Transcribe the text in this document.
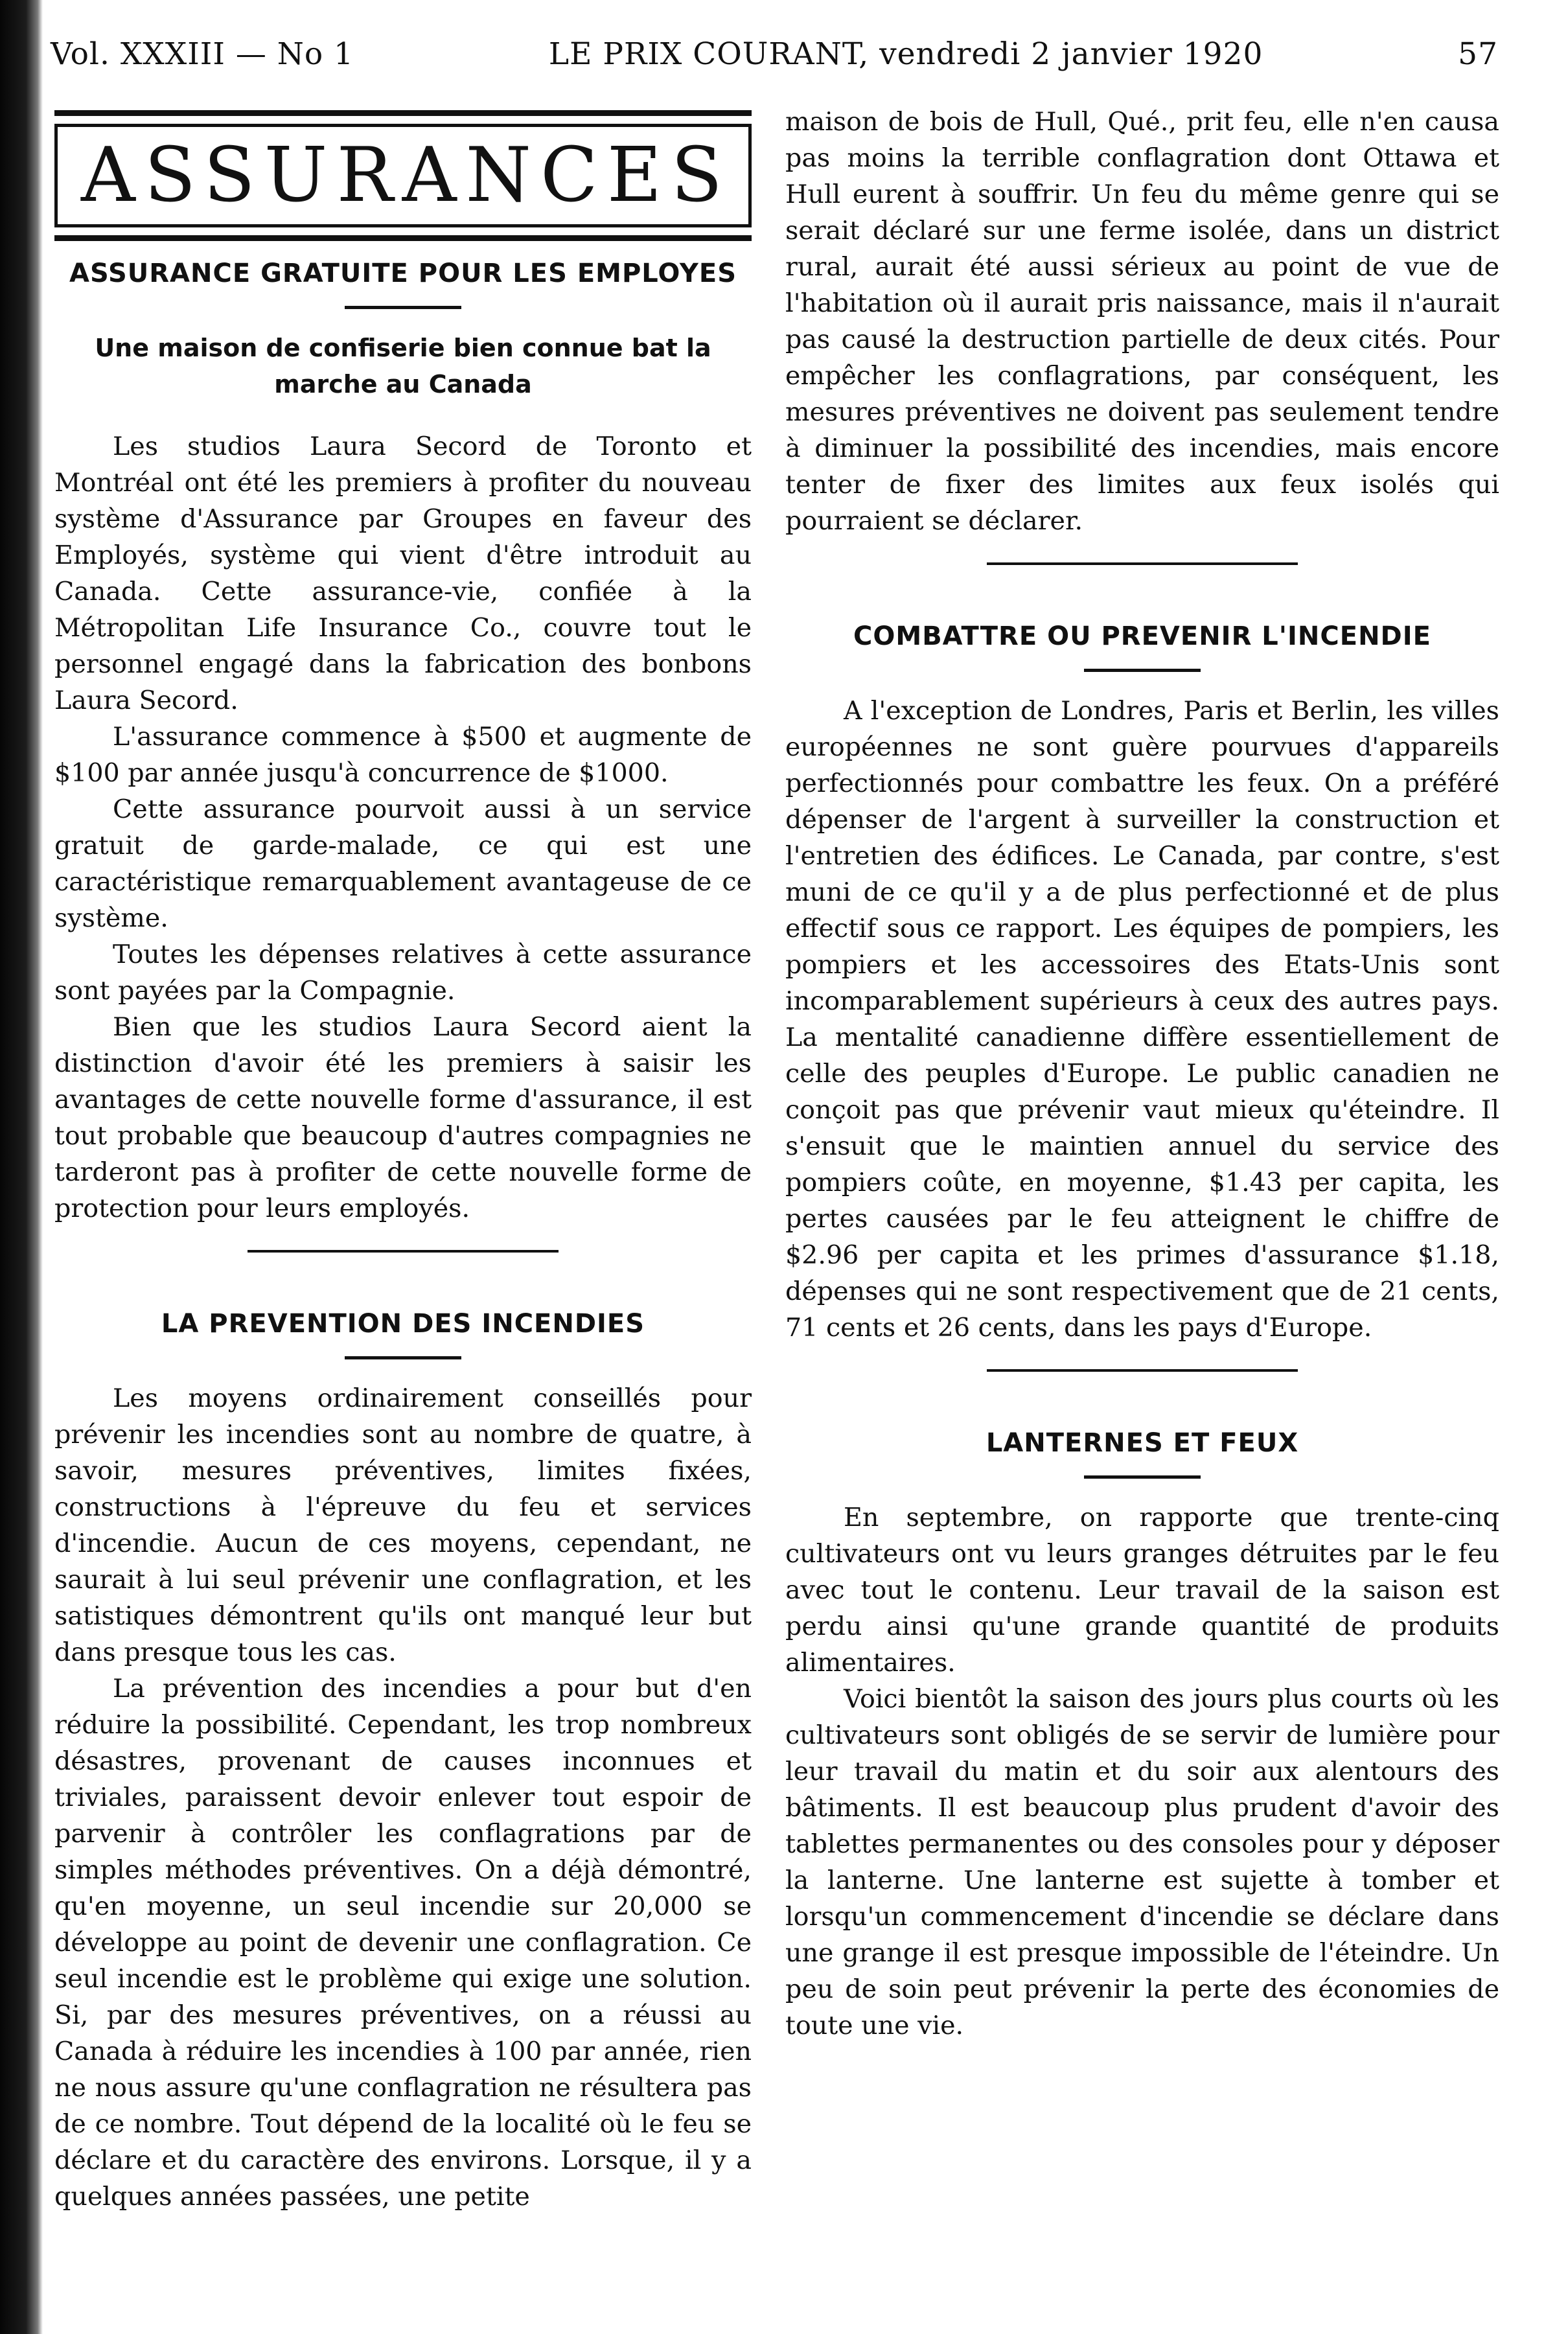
Vol. XXXIII — No 1	LE PRIX COURANT, vendredi 2 janvier 1920	57
ASSURANCES
ASSURANCE GRATUITE POUR LES EMPLOYES
Une maison de confiserie bien connue bat la marche au Canada

Les studios Laura Secord de Toronto et Montréal ont été les premiers à profiter du nouveau système d'Assurance par Groupes en faveur des Employés, système qui vient d'être introduit au Canada. Cette assurance-vie, confiée à la Métropolitan Life Insurance Co., couvre tout le personnel engagé dans la fabrication des bonbons Laura Secord.

L'assurance commence à $500 et augmente de $100 par année jusqu'à concurrence de $1000.

Cette assurance pourvoit aussi à un service gratuit de garde-malade, ce qui est une caractéristique remarquablement avantageuse de ce système.

Toutes les dépenses relatives à cette assurance sont payées par la Compagnie.

Bien que les studios Laura Secord aient la distinction d'avoir été les premiers à saisir les avantages de cette nouvelle forme d'assurance, il est tout probable que beaucoup d'autres compagnies ne tarderont pas à profiter de cette nouvelle forme de protection pour leurs employés.

LA PREVENTION DES INCENDIES

Les moyens ordinairement conseillés pour prévenir les incendies sont au nombre de quatre, à savoir, mesures préventives, limites fixées, constructions à l'épreuve du feu et services d'incendie. Aucun de ces moyens, cependant, ne saurait à lui seul prévenir une conflagration, et les satistiques démontrent qu'ils ont manqué leur but dans presque tous les cas.

La prévention des incendies a pour but d'en réduire la possibilité. Cependant, les trop nombreux désastres, provenant de causes inconnues et triviales, paraissent devoir enlever tout espoir de parvenir à contrôler les conflagrations par de simples méthodes préventives. On a déjà démontré, qu'en moyenne, un seul incendie sur 20,000 se développe au point de devenir une conflagration. Ce seul incendie est le problème qui exige une solution. Si, par des mesures préventives, on a réussi au Canada à réduire les incendies à 100 par année, rien ne nous assure qu'une conflagration ne résultera pas de ce nombre. Tout dépend de la localité où le feu se déclare et du caractère des environs. Lorsque, il y a quelques années passées, une petite

maison de bois de Hull, Qué., prit feu, elle n'en causa pas moins la terrible conflagration dont Ottawa et Hull eurent à souffrir. Un feu du même genre qui se serait déclaré sur une ferme isolée, dans un district rural, aurait été aussi sérieux au point de vue de l'habitation où il aurait pris naissance, mais il n'aurait pas causé la destruction partielle de deux cités. Pour empêcher les conflagrations, par conséquent, les mesures préventives ne doivent pas seulement tendre à diminuer la possibilité des incendies, mais encore tenter de fixer des limites aux feux isolés qui pourraient se déclarer.

COMBATTRE OU PREVENIR L'INCENDIE

A l'exception de Londres, Paris et Berlin, les villes européennes ne sont guère pourvues d'appareils perfectionnés pour combattre les feux. On a préféré dépenser de l'argent à surveiller la construction et l'entretien des édifices. Le Canada, par contre, s'est muni de ce qu'il y a de plus perfectionné et de plus effectif sous ce rapport. Les équipes de pompiers, les pompiers et les accessoires des Etats-Unis sont incomparablement supérieurs à ceux des autres pays. La mentalité canadienne diffère essentiellement de celle des peuples d'Europe. Le public canadien ne conçoit pas que prévenir vaut mieux qu'éteindre. Il s'ensuit que le maintien annuel du service des pompiers coûte, en moyenne, $1.43 per capita, les pertes causées par le feu atteignent le chiffre de $2.96 per capita et les primes d'assurance $1.18, dépenses qui ne sont respectivement que de 21 cents, 71 cents et 26 cents, dans les pays d'Europe.

LANTERNES ET FEUX

En septembre, on rapporte que trente-cinq cultivateurs ont vu leurs granges détruites par le feu avec tout le contenu. Leur travail de la saison est perdu ainsi qu'une grande quantité de produits alimentaires.

Voici bientôt la saison des jours plus courts où les cultivateurs sont obligés de se servir de lumière pour leur travail du matin et du soir aux alentours des bâtiments. Il est beaucoup plus prudent d'avoir des tablettes permanentes ou des consoles pour y déposer la lanterne. Une lanterne est sujette à tomber et lorsqu'un commencement d'incendie se déclare dans une grange il est presque impossible de l'éteindre. Un peu de soin peut prévenir la perte des économies de toute une vie.
